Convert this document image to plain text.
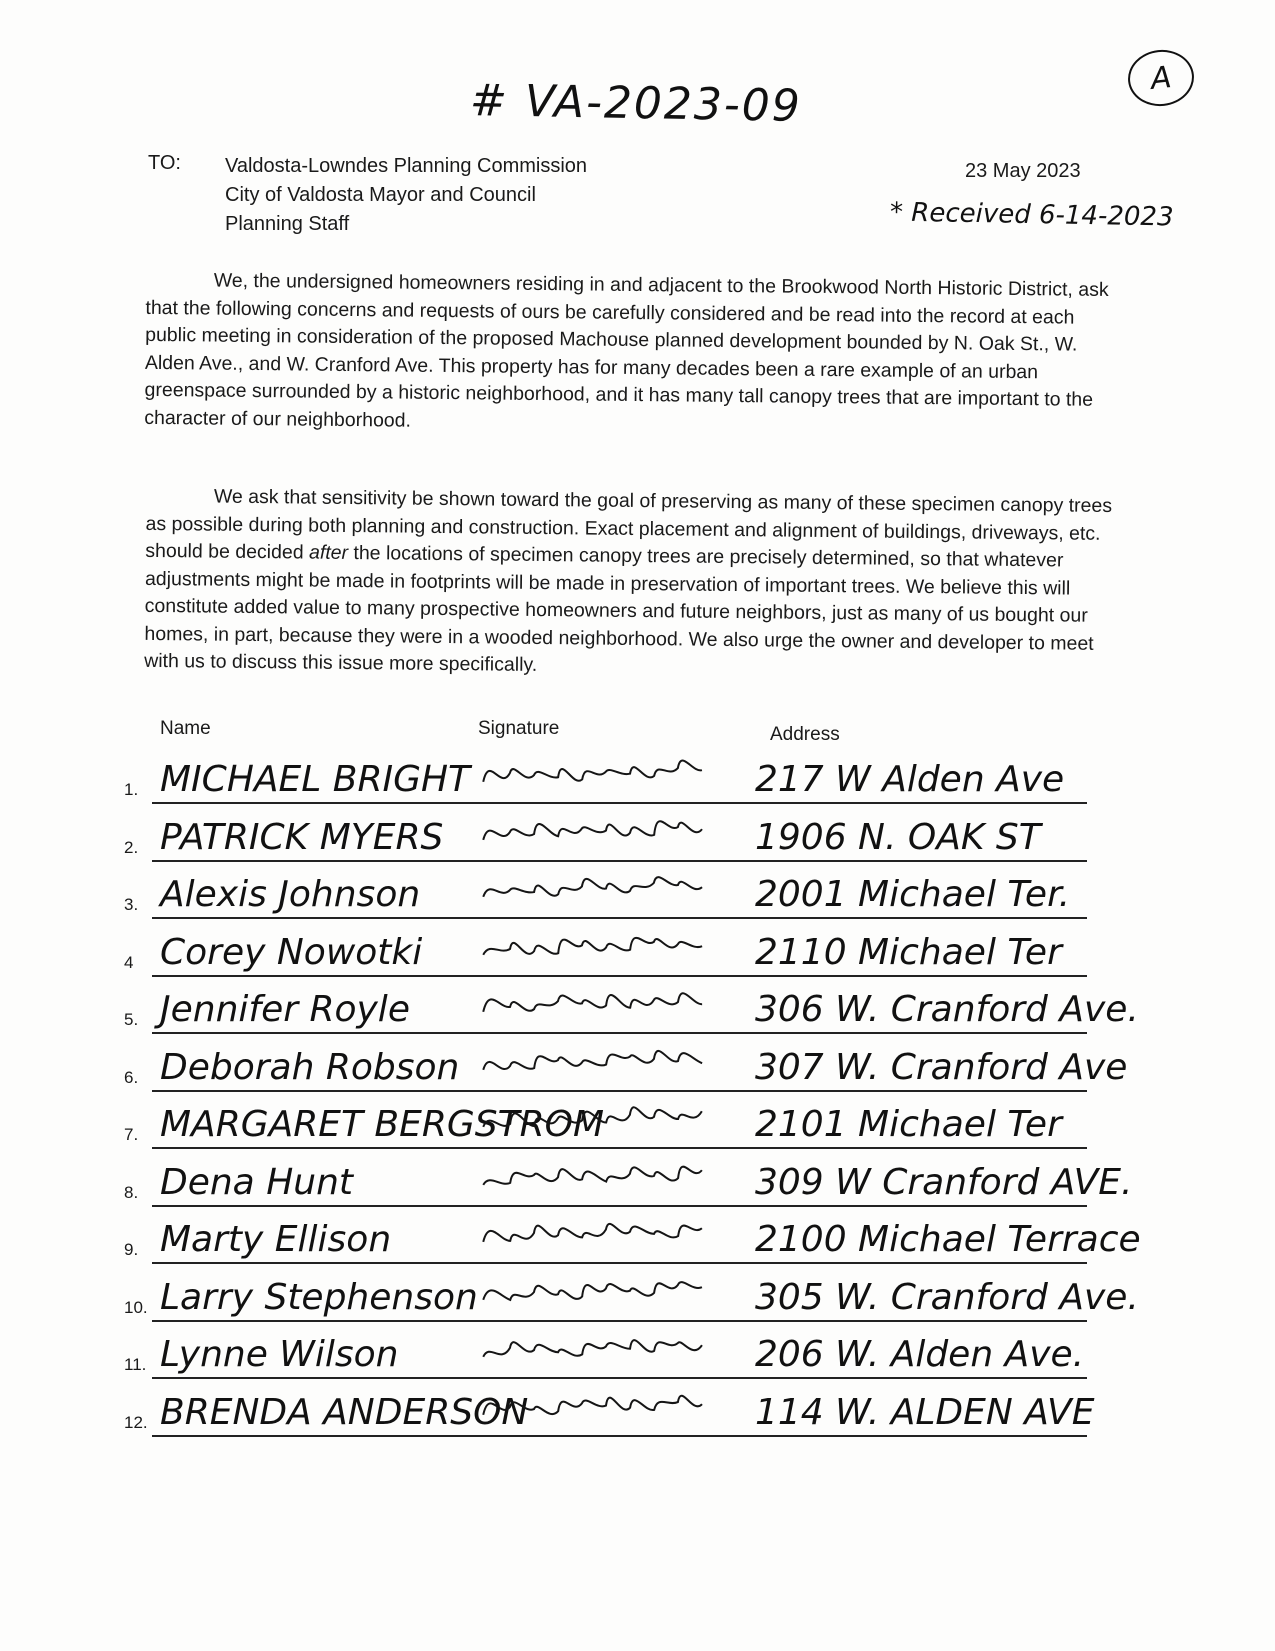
# VA-2023-09	A
TO: Valdosta-Lowndes Planning Commission
City of Valdosta Mayor and Council
Planning Staff
23 May 2023
* Received 6-14-2023
We, the undersigned homeowners residing in and adjacent to the Brookwood North Historic District, ask that the following concerns and requests of ours be carefully considered and be read into the record at each public meeting in consideration of the proposed Machouse planned development bounded by N. Oak St., W. Alden Ave., and W. Cranford Ave. This property has for many decades been a rare example of an urban greenspace surrounded by a historic neighborhood, and it has many tall canopy trees that are important to the character of our neighborhood.
We ask that sensitivity be shown toward the goal of preserving as many of these specimen canopy trees as possible during both planning and construction. Exact placement and alignment of buildings, driveways, etc. should be decided after the locations of specimen canopy trees are precisely determined, so that whatever adjustments might be made in footprints will be made in preservation of important trees. We believe this will constitute added value to many prospective homeowners and future neighbors, just as many of us bought our homes, in part, because they were in a wooded neighborhood. We also urge the owner and developer to meet with us to discuss this issue more specifically.
Name	Signature	Address
1. MICHAEL BRIGHT	217 W Alden Ave
2. PATRICK MYERS	1906 N. OAK ST
3. Alexis Johnson	2001 Michael Ter.
4 Corey Nowotki	2110 Michael Ter
5. Jennifer Royle	306 W. Cranford Ave.
6. Deborah Robson	307 W. Cranford Ave
7. MARGARET BERGSTROM	2101 Michael Ter
8. Dena Hunt	309 W Cranford AVE.
9. Marty Ellison	2100 Michael Terrace
10. Larry Stephenson	305 W. Cranford Ave.
11. Lynne Wilson	206 W. Alden Ave.
12. BRENDA ANDERSON	114 W. ALDEN AVE
